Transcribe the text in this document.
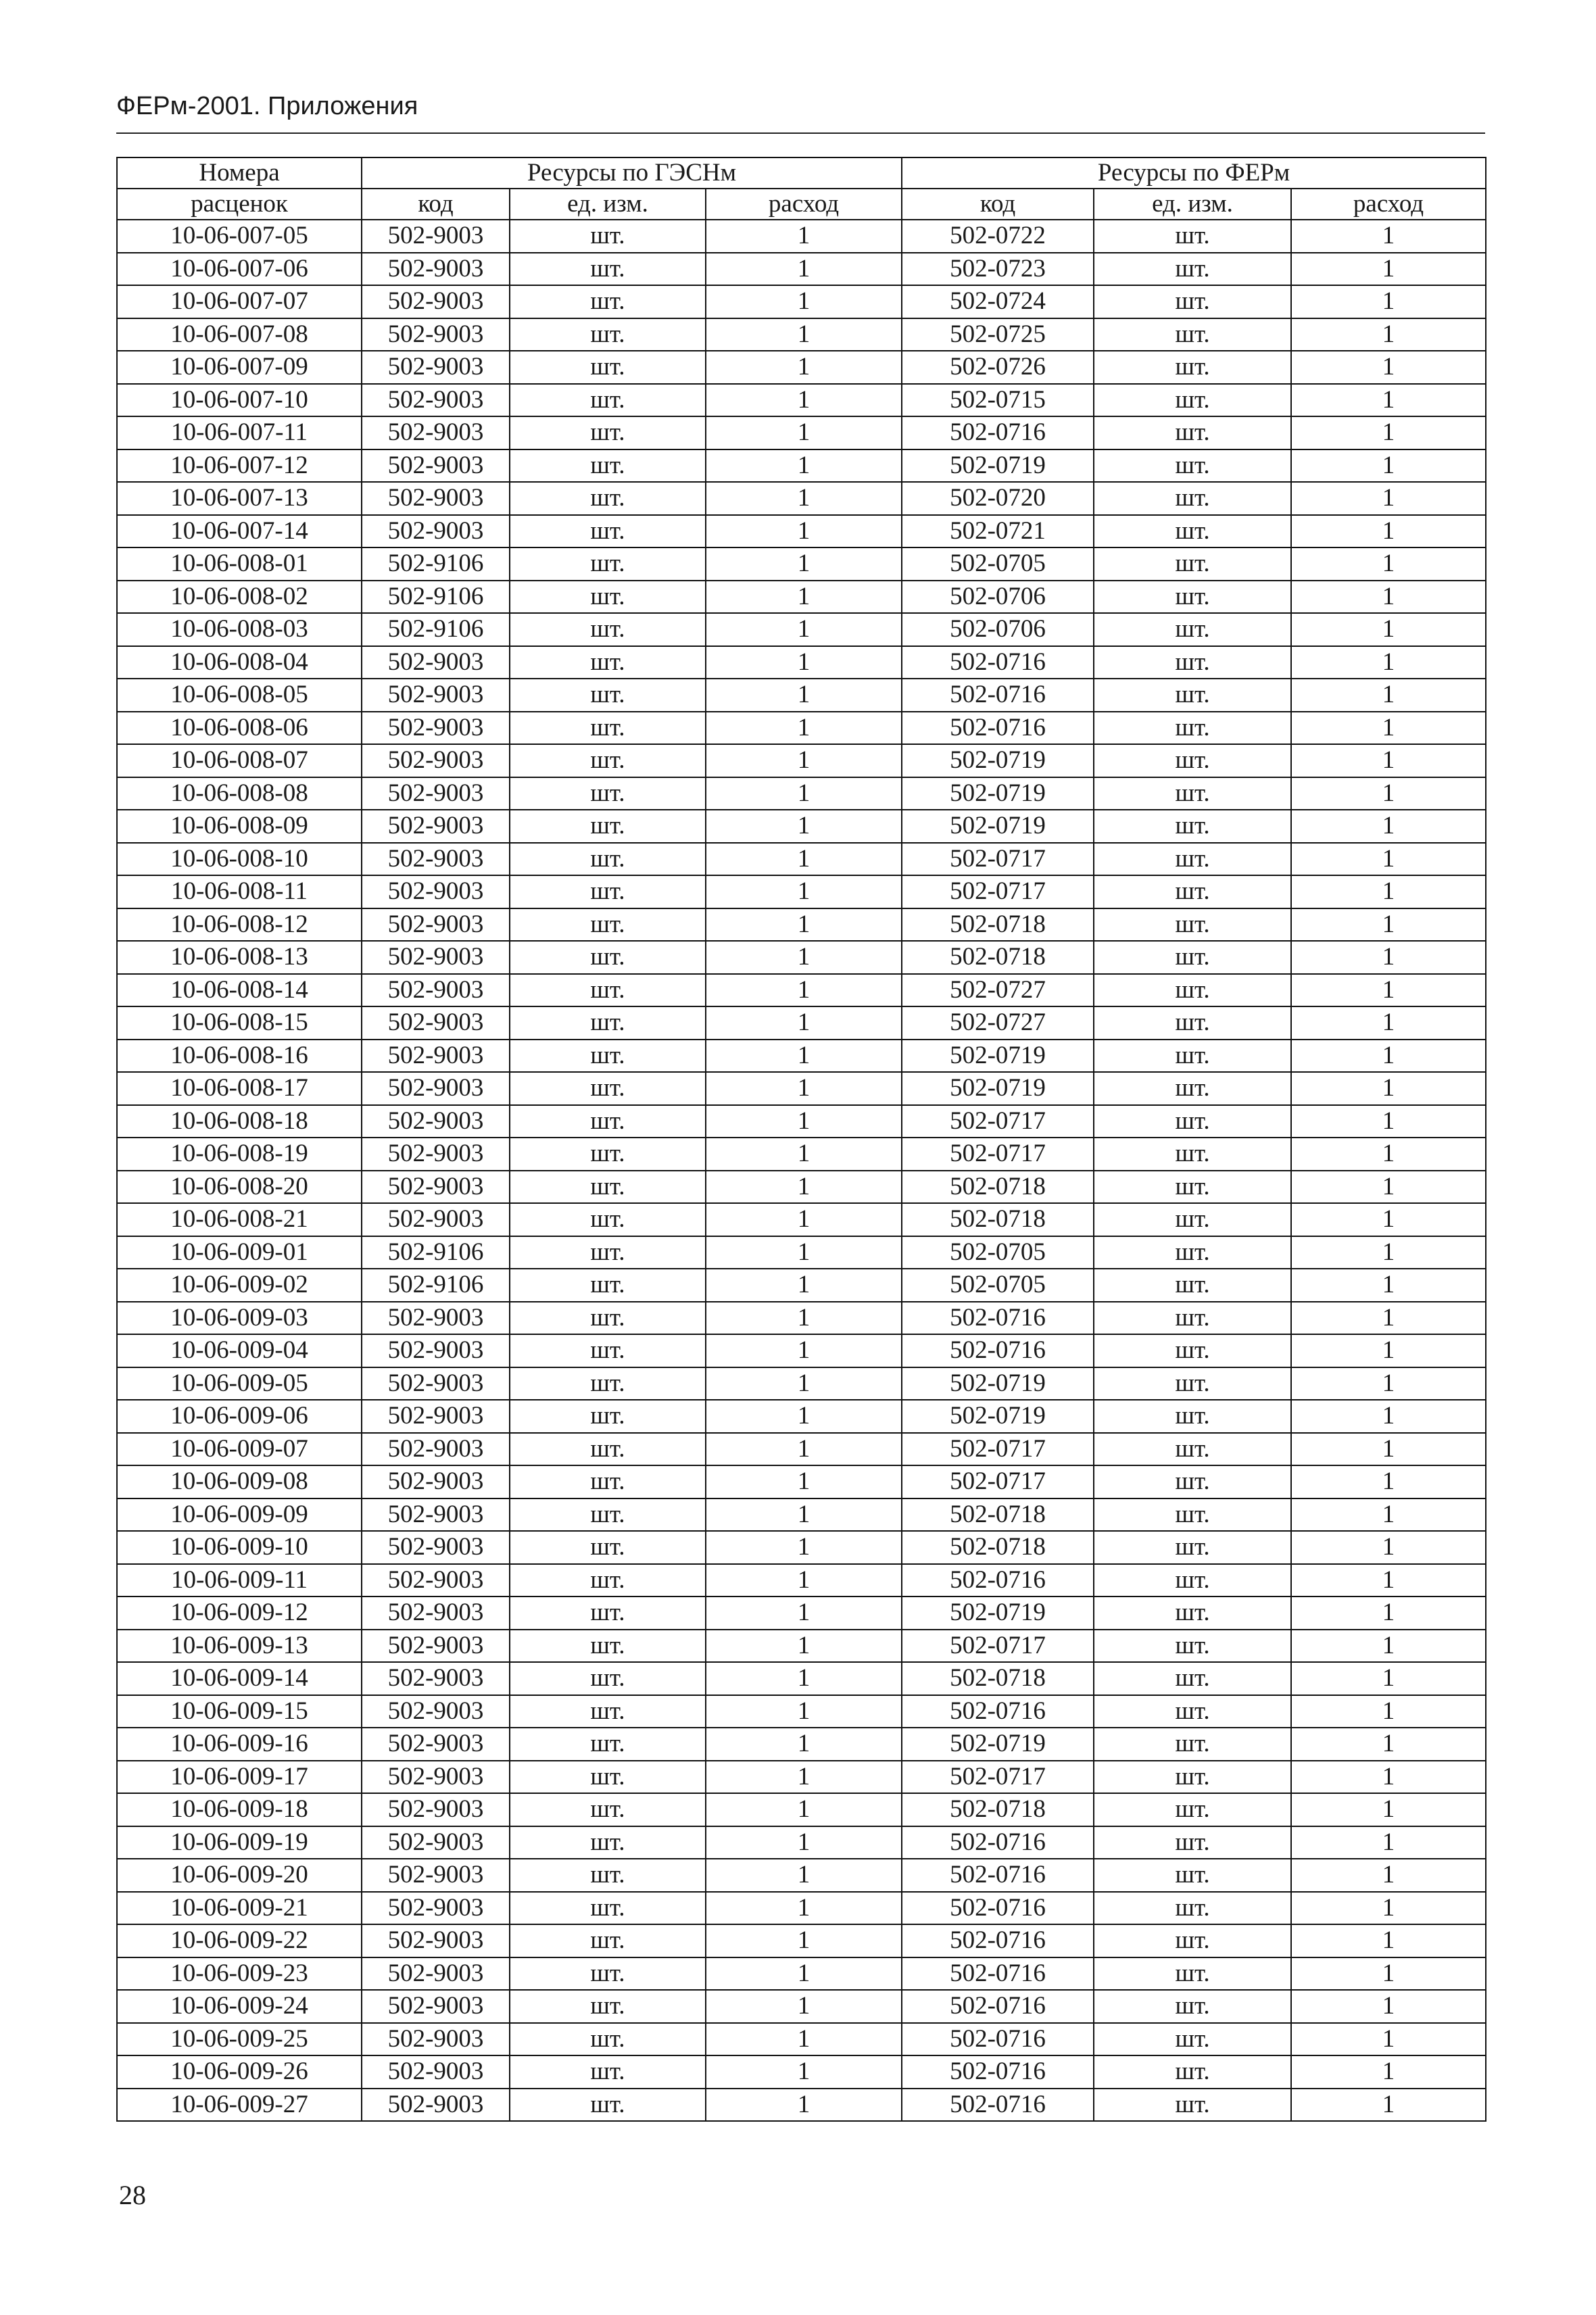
ФЕРм-2001. Приложения
Номера	Ресурсы по ГЭСНм			Ресурсы по ФЕРм		
расценок	код	ед. изм.	расход	код	ед. изм.	расход
10-06-007-05	502-9003	шт.	1	502-0722	шт.	1
10-06-007-06	502-9003	шт.	1	502-0723	шт.	1
10-06-007-07	502-9003	шт.	1	502-0724	шт.	1
10-06-007-08	502-9003	шт.	1	502-0725	шт.	1
10-06-007-09	502-9003	шт.	1	502-0726	шт.	1
10-06-007-10	502-9003	шт.	1	502-0715	шт.	1
10-06-007-11	502-9003	шт.	1	502-0716	шт.	1
10-06-007-12	502-9003	шт.	1	502-0719	шт.	1
10-06-007-13	502-9003	шт.	1	502-0720	шт.	1
10-06-007-14	502-9003	шт.	1	502-0721	шт.	1
10-06-008-01	502-9106	шт.	1	502-0705	шт.	1
10-06-008-02	502-9106	шт.	1	502-0706	шт.	1
10-06-008-03	502-9106	шт.	1	502-0706	шт.	1
10-06-008-04	502-9003	шт.	1	502-0716	шт.	1
10-06-008-05	502-9003	шт.	1	502-0716	шт.	1
10-06-008-06	502-9003	шт.	1	502-0716	шт.	1
10-06-008-07	502-9003	шт.	1	502-0719	шт.	1
10-06-008-08	502-9003	шт.	1	502-0719	шт.	1
10-06-008-09	502-9003	шт.	1	502-0719	шт.	1
10-06-008-10	502-9003	шт.	1	502-0717	шт.	1
10-06-008-11	502-9003	шт.	1	502-0717	шт.	1
10-06-008-12	502-9003	шт.	1	502-0718	шт.	1
10-06-008-13	502-9003	шт.	1	502-0718	шт.	1
10-06-008-14	502-9003	шт.	1	502-0727	шт.	1
10-06-008-15	502-9003	шт.	1	502-0727	шт.	1
10-06-008-16	502-9003	шт.	1	502-0719	шт.	1
10-06-008-17	502-9003	шт.	1	502-0719	шт.	1
10-06-008-18	502-9003	шт.	1	502-0717	шт.	1
10-06-008-19	502-9003	шт.	1	502-0717	шт.	1
10-06-008-20	502-9003	шт.	1	502-0718	шт.	1
10-06-008-21	502-9003	шт.	1	502-0718	шт.	1
10-06-009-01	502-9106	шт.	1	502-0705	шт.	1
10-06-009-02	502-9106	шт.	1	502-0705	шт.	1
10-06-009-03	502-9003	шт.	1	502-0716	шт.	1
10-06-009-04	502-9003	шт.	1	502-0716	шт.	1
10-06-009-05	502-9003	шт.	1	502-0719	шт.	1
10-06-009-06	502-9003	шт.	1	502-0719	шт.	1
10-06-009-07	502-9003	шт.	1	502-0717	шт.	1
10-06-009-08	502-9003	шт.	1	502-0717	шт.	1
10-06-009-09	502-9003	шт.	1	502-0718	шт.	1
10-06-009-10	502-9003	шт.	1	502-0718	шт.	1
10-06-009-11	502-9003	шт.	1	502-0716	шт.	1
10-06-009-12	502-9003	шт.	1	502-0719	шт.	1
10-06-009-13	502-9003	шт.	1	502-0717	шт.	1
10-06-009-14	502-9003	шт.	1	502-0718	шт.	1
10-06-009-15	502-9003	шт.	1	502-0716	шт.	1
10-06-009-16	502-9003	шт.	1	502-0719	шт.	1
10-06-009-17	502-9003	шт.	1	502-0717	шт.	1
10-06-009-18	502-9003	шт.	1	502-0718	шт.	1
10-06-009-19	502-9003	шт.	1	502-0716	шт.	1
10-06-009-20	502-9003	шт.	1	502-0716	шт.	1
10-06-009-21	502-9003	шт.	1	502-0716	шт.	1
10-06-009-22	502-9003	шт.	1	502-0716	шт.	1
10-06-009-23	502-9003	шт.	1	502-0716	шт.	1
10-06-009-24	502-9003	шт.	1	502-0716	шт.	1
10-06-009-25	502-9003	шт.	1	502-0716	шт.	1
10-06-009-26	502-9003	шт.	1	502-0716	шт.	1
10-06-009-27	502-9003	шт.	1	502-0716	шт.	1
28
